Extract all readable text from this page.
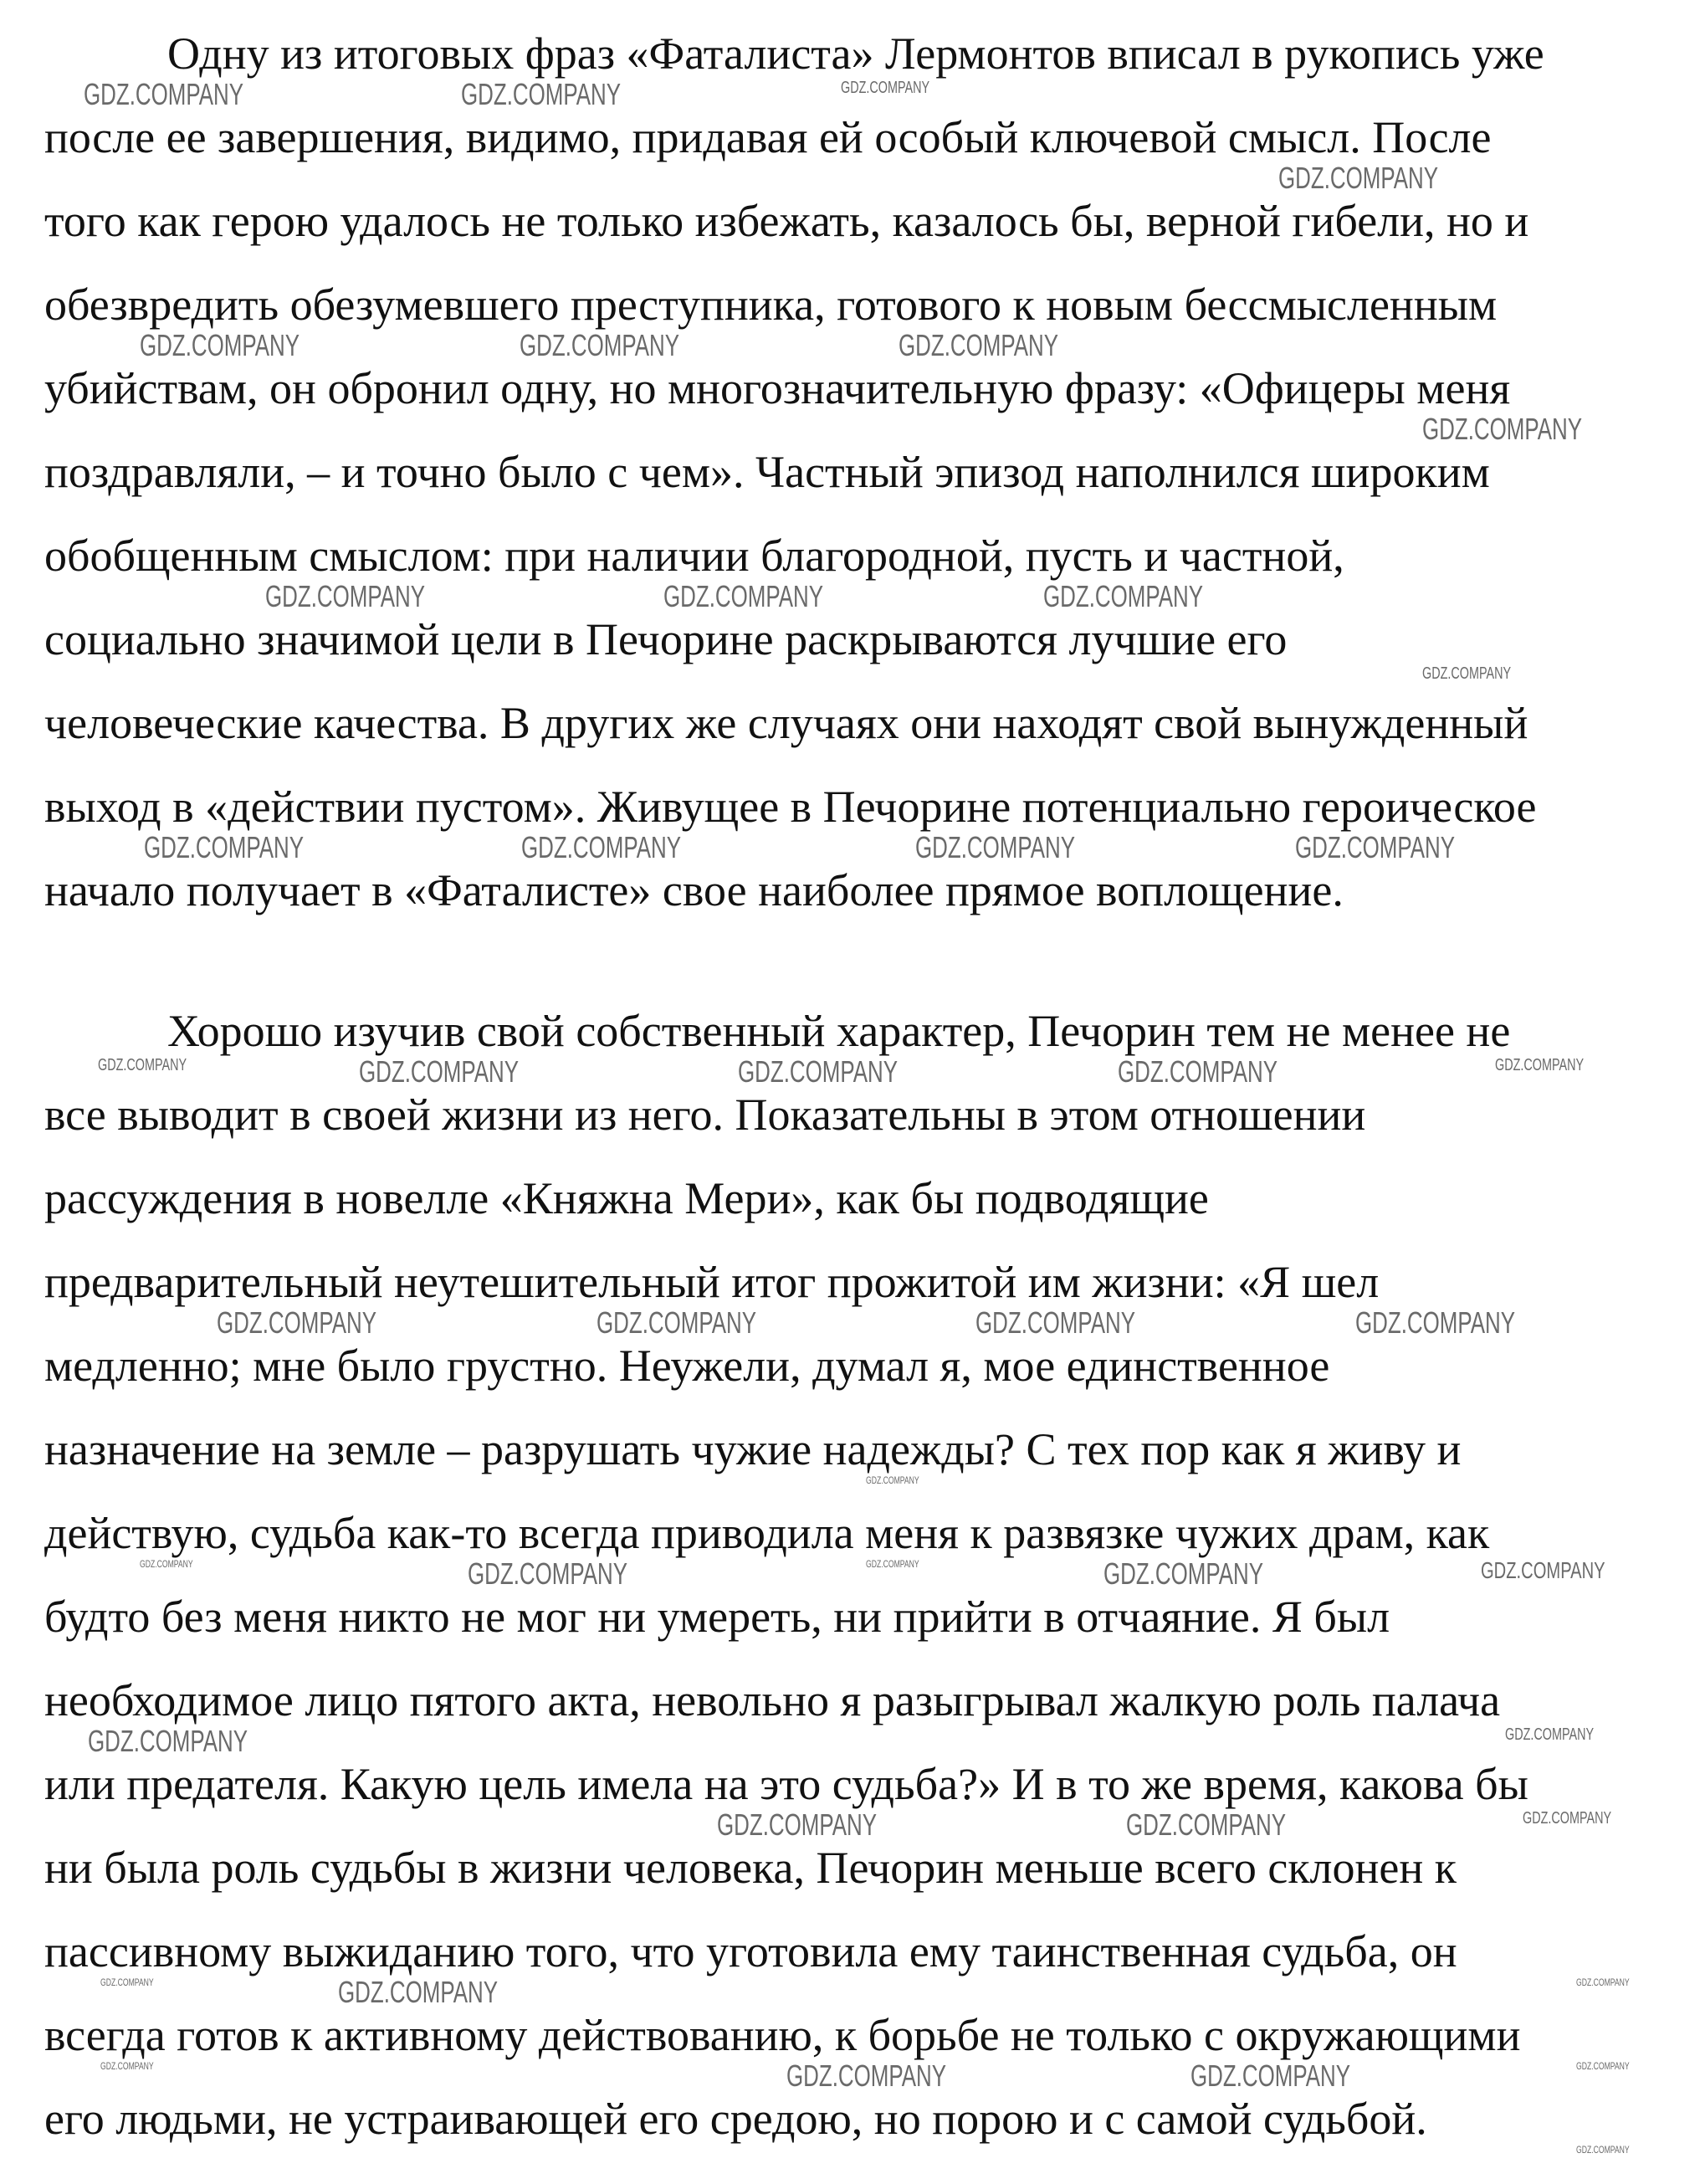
Одну из итоговых фраз «Фаталиста» Лермонтов вписал в рукопись уже
после ее завершения, видимо, придавая ей особый ключевой смысл. После
того как герою удалось не только избежать, казалось бы, верной гибели, но и
обезвредить обезумевшего преступника, готового к новым бессмысленным
убийствам, он обронил одну, но многозначительную фразу: «Офицеры меня
поздравляли, – и точно было с чем». Частный эпизод наполнился широким
обобщенным смыслом: при наличии благородной, пусть и частной,
социально значимой цели в Печорине раскрываются лучшие его
человеческие качества. В других же случаях они находят свой вынужденный
выход в «действии пустом». Живущее в Печорине потенциально героическое
начало получает в «Фаталисте» свое наиболее прямое воплощение.
Хорошо изучив свой собственный характер, Печорин тем не менее не
все выводит в своей жизни из него. Показательны в этом отношении
рассуждения в новелле «Княжна Мери», как бы подводящие
предварительный неутешительный итог прожитой им жизни: «Я шел
медленно; мне было грустно. Неужели, думал я, мое единственное
назначение на земле – разрушать чужие надежды? С тех пор как я живу и
действую, судьба как-то всегда приводила меня к развязке чужих драм, как
будто без меня никто не мог ни умереть, ни прийти в отчаяние. Я был
необходимое лицо пятого акта, невольно я разыгрывал жалкую роль палача
или предателя. Какую цель имела на это судьба?» И в то же время, какова бы
ни была роль судьбы в жизни человека, Печорин меньше всего склонен к
пассивному выжиданию того, что уготовила ему таинственная судьба, он
всегда готов к активному действованию, к борьбе не только с окружающими
его людьми, не устраивающей его средою, но порою и с самой судьбой.
GDZ.COMPANY	GDZ.COMPANY	GDZ.COMPANY
GDZ.COMPANY
GDZ.COMPANY	GDZ.COMPANY	GDZ.COMPANY
GDZ.COMPANY
GDZ.COMPANY	GDZ.COMPANY	GDZ.COMPANY
GDZ.COMPANY
GDZ.COMPANY	GDZ.COMPANY	GDZ.COMPANY	GDZ.COMPANY
GDZ.COMPANY	GDZ.COMPANY	GDZ.COMPANY	GDZ.COMPANY	GDZ.COMPANY
GDZ.COMPANY	GDZ.COMPANY	GDZ.COMPANY	GDZ.COMPANY
GDZ.COMPANY	GDZ.COMPANY	GDZ.COMPANY
GDZ.COMPANY	GDZ.COMPANY
GDZ.COMPANY	GDZ.COMPANY	GDZ.COMPANY
GDZ.COMPANY
GDZ.COMPANY	GDZ.COMPANY
GDZ.COMPANY
GDZ.COMPANY
GDZ.COMPANY
GDZ.COMPANY
GDZ.COMPANY
GDZ.COMPANY	GDZ.COMPANY
GDZ.COMPANY
